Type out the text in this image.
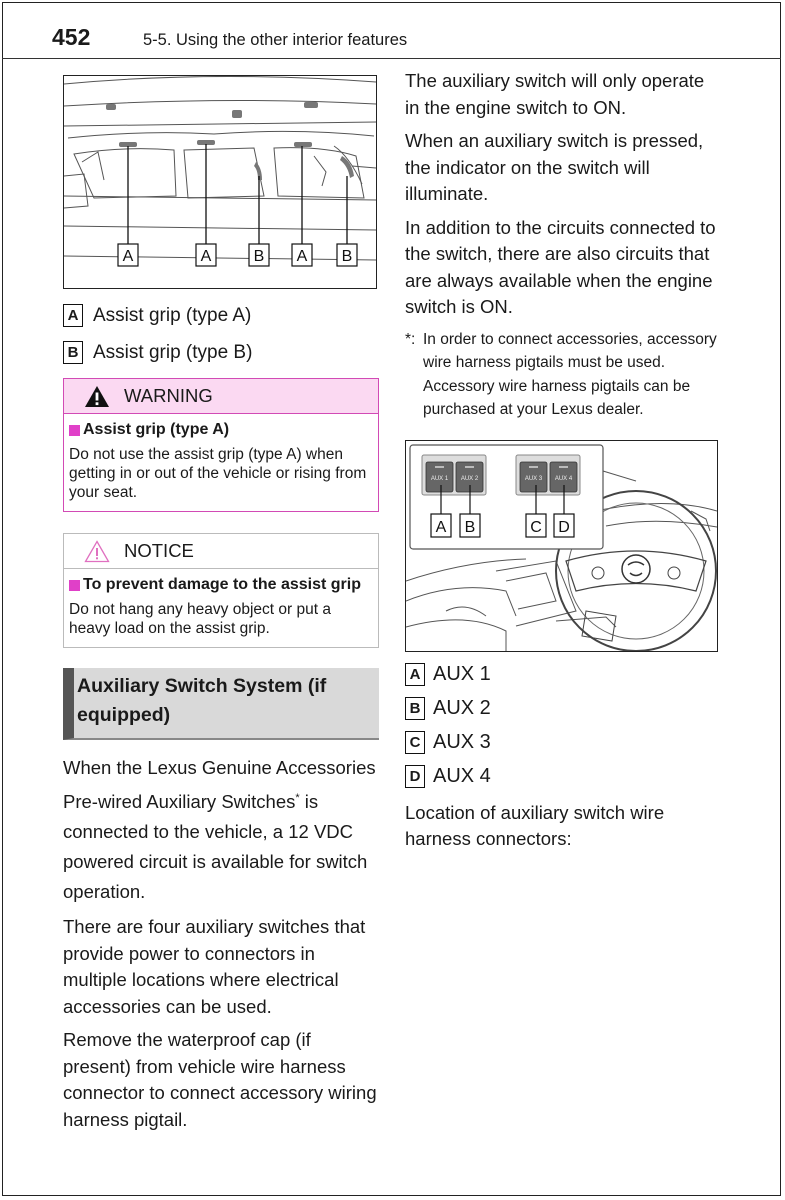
452	5-5. Using the other interior features
A	A	B A B
A Assist grip (type A)
B Assist grip (type B)
WARNING
Assist grip (type A)
Do not use the assist grip (type A) when getting in or out of the vehicle or rising from your seat.
NOTICE
To prevent damage to the assist grip
Do not hang any heavy object or put a heavy load on the assist grip.
Auxiliary Switch System (if equipped)

When the Lexus Genuine Accessories Pre-wired Auxiliary Switches* is connected to the vehicle, a 12 VDC powered circuit is available for switch operation.

There are four auxiliary switches that provide power to connectors in multiple locations where electrical accessories can be used.

Remove the waterproof cap (if present) from vehicle wire harness connector to connect accessory wiring harness pigtail.

The auxiliary switch will only operate in the engine switch to ON.

When an auxiliary switch is pressed, the indicator on the switch will illuminate.

In addition to the circuits connected to the switch, there are also circuits that are always available when the engine switch is ON.

*: In order to connect accessories, accessory wire harness pigtails must be used. Accessory wire harness pigtails can be purchased at your Lexus dealer.
AUX 1 AUX 2	AUX 3 AUX 4
A B	C D
A AUX 1
B AUX 2
C AUX 3
D AUX 4

Location of auxiliary switch wire harness connectors:
